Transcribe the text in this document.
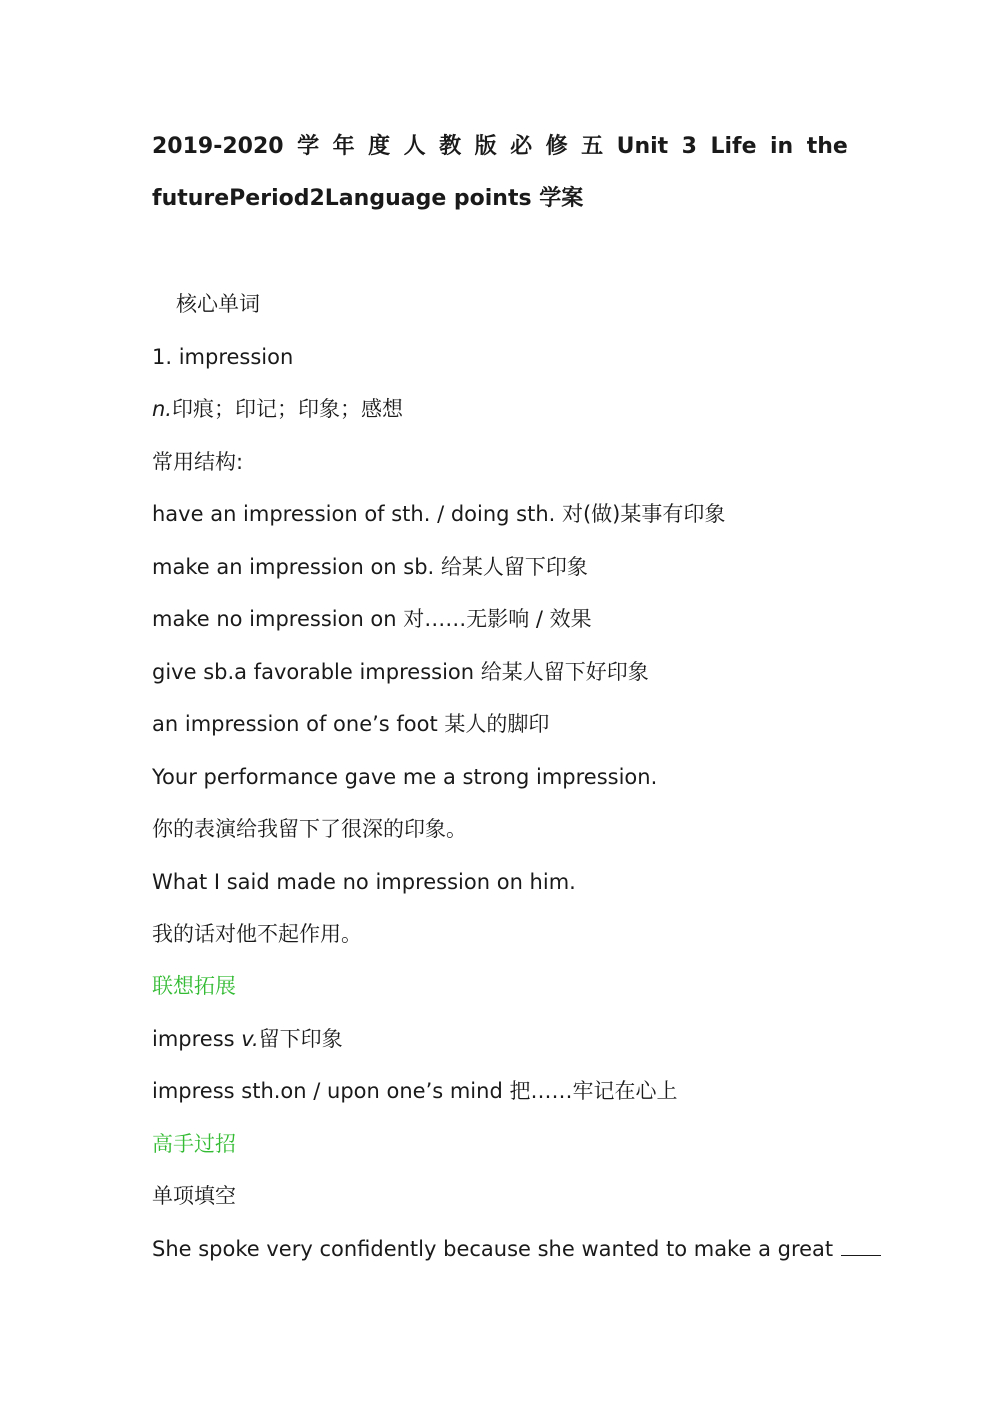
2019-2020 学 年 度 人 教 版 必 修 五 Unit 3 Life in the
futurePeriod2Language points 学案
核心单词
1. impression
n.印痕；印记；印象；感想
常用结构:
have an impression of sth. / doing sth. 对(做)某事有印象
make an impression on sb. 给某人留下印象
make no impression on 对……无影响 / 效果
give sb.a favorable impression 给某人留下好印象
an impression of one’s foot 某人的脚印
Your performance gave me a strong impression.
你的表演给我留下了很深的印象。
What I said made no impression on him.
我的话对他不起作用。
联想拓展
impress v.留下印象
impress sth.on / upon one’s mind 把……牢记在心上
高手过招
单项填空
She spoke very confidently because she wanted to make a great
